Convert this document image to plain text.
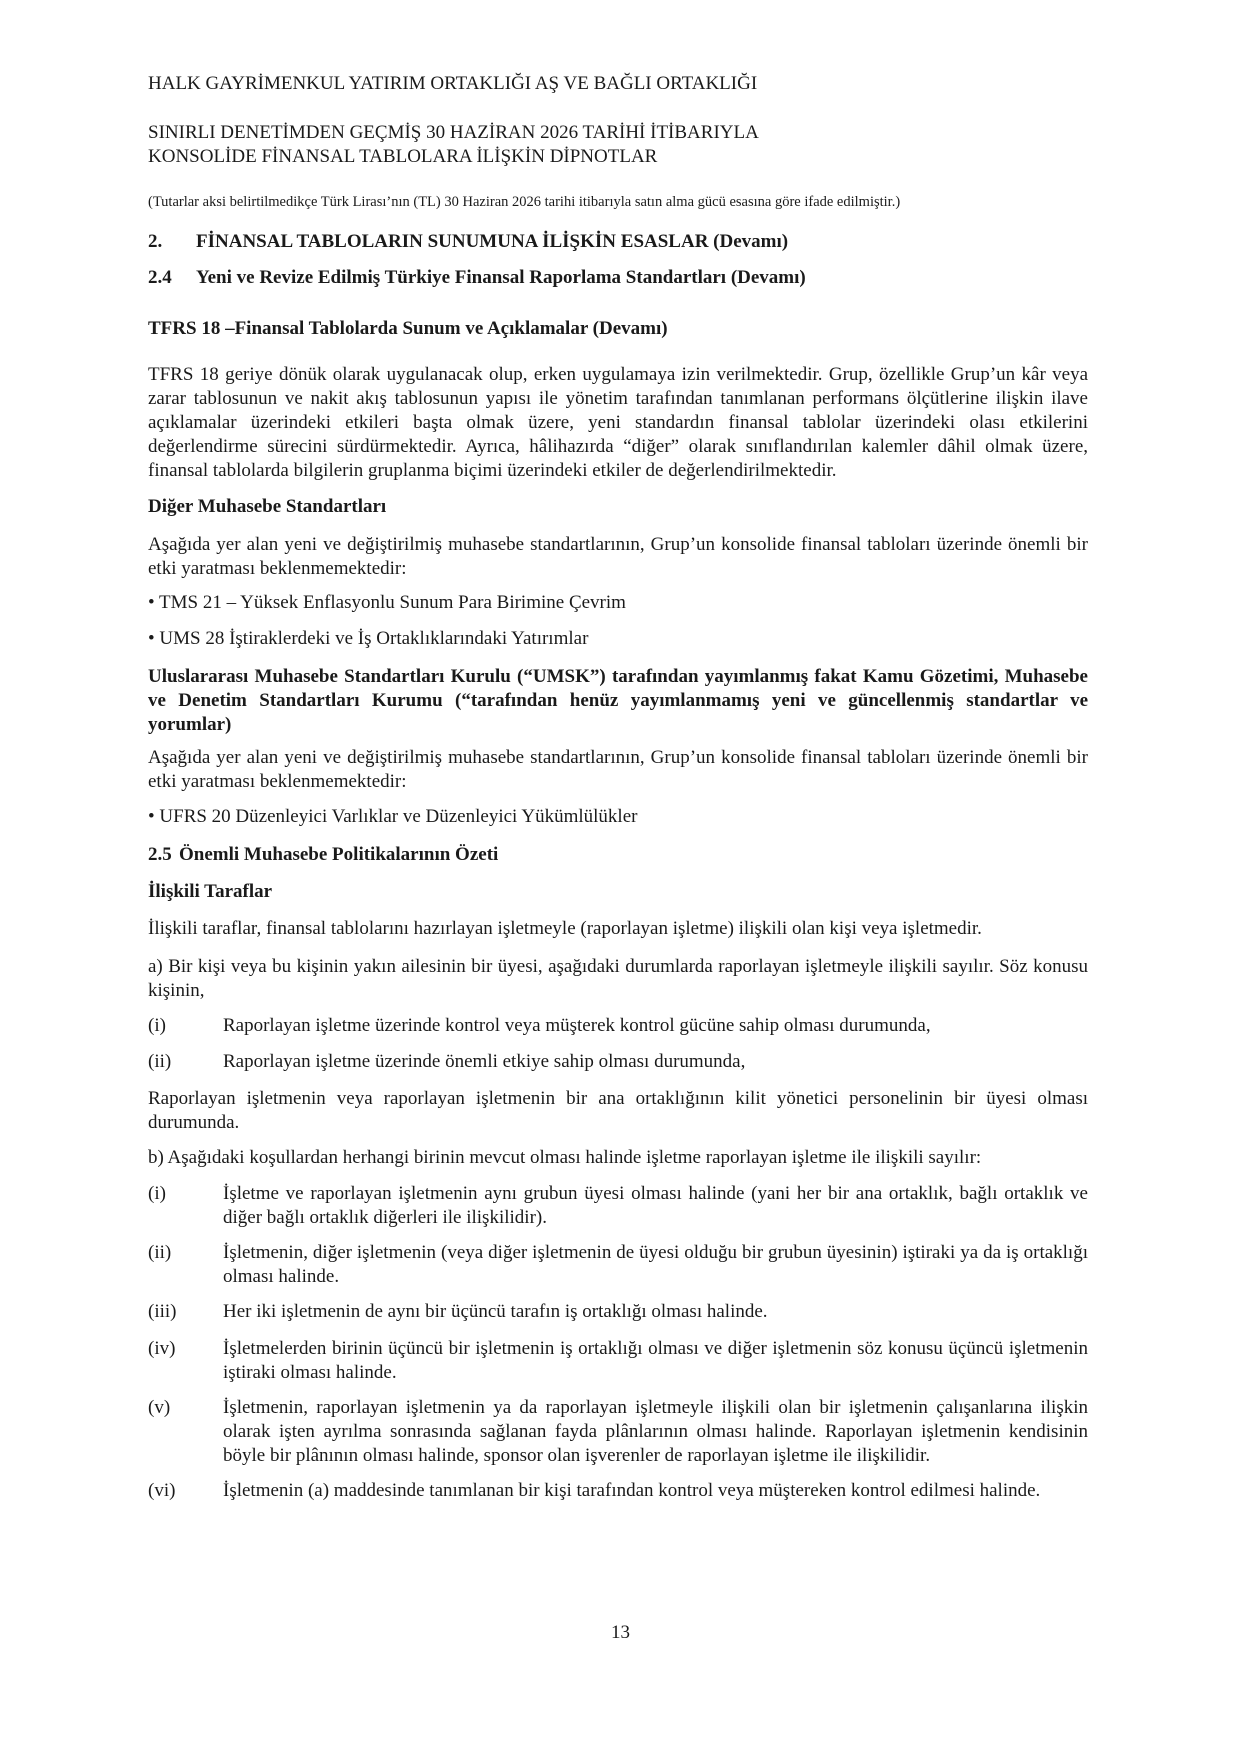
HALK GAYRİMENKUL YATIRIM ORTAKLIĞI AŞ VE BAĞLI ORTAKLIĞI
SINIRLI DENETİMDEN GEÇMİŞ 30 HAZİRAN 2026 TARİHİ İTİBARIYLA
KONSOLİDE FİNANSAL TABLOLARA İLİŞKİN DİPNOTLAR
(Tutarlar aksi belirtilmedikçe Türk Lirası’nın (TL) 30 Haziran 2026 tarihi itibarıyla satın alma gücü esasına göre ifade edilmiştir.)
2. FİNANSAL TABLOLARIN SUNUMUNA İLİŞKİN ESASLAR (Devamı)
2.4 Yeni ve Revize Edilmiş Türkiye Finansal Raporlama Standartları (Devamı)
TFRS 18 –Finansal Tablolarda Sunum ve Açıklamalar (Devamı)
TFRS 18 geriye dönük olarak uygulanacak olup, erken uygulamaya izin verilmektedir. Grup, özellikle Grup’un kâr veya zarar tablosunun ve nakit akış tablosunun yapısı ile yönetim tarafından tanımlanan performans ölçütlerine ilişkin ilave açıklamalar üzerindeki etkileri başta olmak üzere, yeni standardın finansal tablolar üzerindeki olası etkilerini değerlendirme sürecini sürdürmektedir. Ayrıca, hâlihazırda “diğer” olarak sınıflandırılan kalemler dâhil olmak üzere, finansal tablolarda bilgilerin gruplanma biçimi üzerindeki etkiler de değerlendirilmektedir.
Diğer Muhasebe Standartları
Aşağıda yer alan yeni ve değiştirilmiş muhasebe standartlarının, Grup’un konsolide finansal tabloları üzerinde önemli bir etki yaratması beklenmemektedir:
• TMS 21 – Yüksek Enflasyonlu Sunum Para Birimine Çevrim
• UMS 28 İştiraklerdeki ve İş Ortaklıklarındaki Yatırımlar
Uluslararası Muhasebe Standartları Kurulu (“UMSK”) tarafından yayımlanmış fakat Kamu Gözetimi, Muhasebe ve Denetim Standartları Kurumu (“tarafından henüz yayımlanmamış yeni ve güncellenmiş standartlar ve yorumlar)
Aşağıda yer alan yeni ve değiştirilmiş muhasebe standartlarının, Grup’un konsolide finansal tabloları üzerinde önemli bir etki yaratması beklenmemektedir:
• UFRS 20 Düzenleyici Varlıklar ve Düzenleyici Yükümlülükler
2.5 Önemli Muhasebe Politikalarının Özeti
İlişkili Taraflar
İlişkili taraflar, finansal tablolarını hazırlayan işletmeyle (raporlayan işletme) ilişkili olan kişi veya işletmedir.
a) Bir kişi veya bu kişinin yakın ailesinin bir üyesi, aşağıdaki durumlarda raporlayan işletmeyle ilişkili sayılır. Söz konusu kişinin,
(i)	Raporlayan işletme üzerinde kontrol veya müşterek kontrol gücüne sahip olması durumunda,
(ii)	Raporlayan işletme üzerinde önemli etkiye sahip olması durumunda,
Raporlayan işletmenin veya raporlayan işletmenin bir ana ortaklığının kilit yönetici personelinin bir üyesi olması durumunda.
b) Aşağıdaki koşullardan herhangi birinin mevcut olması halinde işletme raporlayan işletme ile ilişkili sayılır:
(i)	İşletme ve raporlayan işletmenin aynı grubun üyesi olması halinde (yani her bir ana ortaklık, bağlı ortaklık ve diğer bağlı ortaklık diğerleri ile ilişkilidir).
(ii)	İşletmenin, diğer işletmenin (veya diğer işletmenin de üyesi olduğu bir grubun üyesinin) iştiraki ya da iş ortaklığı olması halinde.
(iii) Her iki işletmenin de aynı bir üçüncü tarafın iş ortaklığı olması halinde.
(iv)	İşletmelerden birinin üçüncü bir işletmenin iş ortaklığı olması ve diğer işletmenin söz konusu üçüncü işletmenin iştiraki olması halinde.
(v)	İşletmenin, raporlayan işletmenin ya da raporlayan işletmeyle ilişkili olan bir işletmenin çalışanlarına ilişkin olarak işten ayrılma sonrasında sağlanan fayda plânlarının olması halinde. Raporlayan işletmenin kendisinin böyle bir plânının olması halinde, sponsor olan işverenler de raporlayan işletme ile ilişkilidir.
(vi)	İşletmenin (a) maddesinde tanımlanan bir kişi tarafından kontrol veya müştereken kontrol edilmesi halinde.
13
